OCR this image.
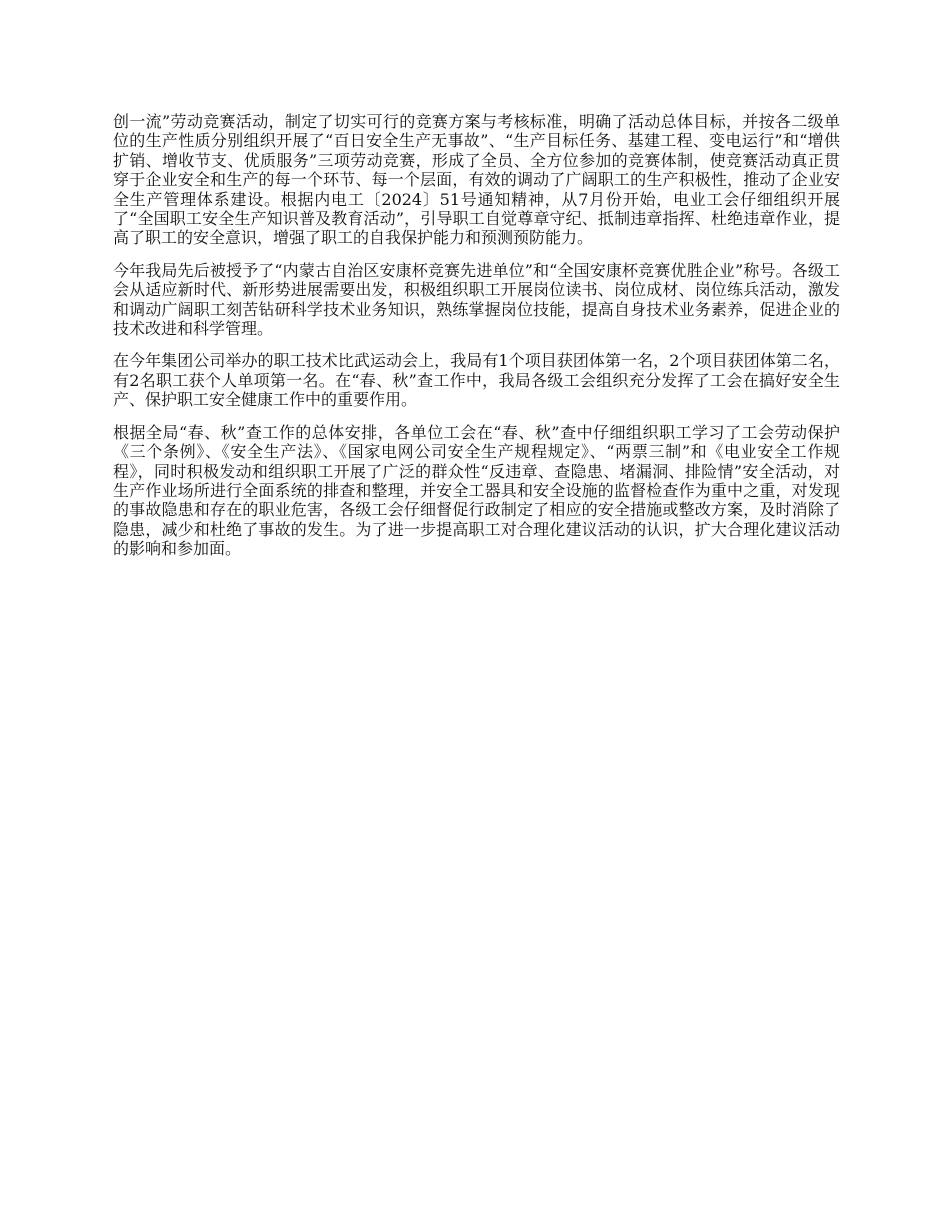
创一流”劳动竞赛活动，制定了切实可行的竞赛方案与考核标准，明确了活动总体目标，并按各二级单位的生产性质分别组织开展了“百日安全生产无事故”、“生产目标任务、基建工程、变电运行”和“增供扩销、增收节支、优质服务”三项劳动竞赛，形成了全员、全方位参加的竞赛体制，使竞赛活动真正贯穿于企业安全和生产的每一个环节、每一个层面，有效的调动了广阔职工的生产积极性，推动了企业安全生产管理体系建设。根据内电工〔2024〕51号通知精神，从7月份开始，电业工会仔细组织开展了“全国职工安全生产知识普及教育活动”，引导职工自觉尊章守纪、抵制违章指挥、杜绝违章作业，提高了职工的安全意识，增强了职工的自我保护能力和预测预防能力。

今年我局先后被授予了“内蒙古自治区安康杯竞赛先进单位”和“全国安康杯竞赛优胜企业”称号。各级工会从适应新时代、新形势进展需要出发，积极组织职工开展岗位读书、岗位成材、岗位练兵活动，激发和调动广阔职工刻苦钻研科学技术业务知识，熟练掌握岗位技能，提高自身技术业务素养，促进企业的技术改进和科学管理。

在今年集团公司举办的职工技术比武运动会上，我局有1个项目获团体第一名，2个项目获团体第二名，有2名职工获个人单项第一名。在“春、秋”查工作中，我局各级工会组织充分发挥了工会在搞好安全生产、保护职工安全健康工作中的重要作用。

根据全局“春、秋”查工作的总体安排，各单位工会在“春、秋”查中仔细组织职工学习了工会劳动保护《三个条例》、《安全生产法》、《国家电网公司安全生产规程规定》、“两票三制”和《电业安全工作规程》，同时积极发动和组织职工开展了广泛的群众性“反违章、查隐患、堵漏洞、排险情”安全活动，对生产作业场所进行全面系统的排查和整理，并安全工器具和安全设施的监督检查作为重中之重，对发现的事故隐患和存在的职业危害，各级工会仔细督促行政制定了相应的安全措施或整改方案，及时消除了隐患，减少和杜绝了事故的发生。为了进一步提高职工对合理化建议活动的认识，扩大合理化建议活动的影响和参加面。
